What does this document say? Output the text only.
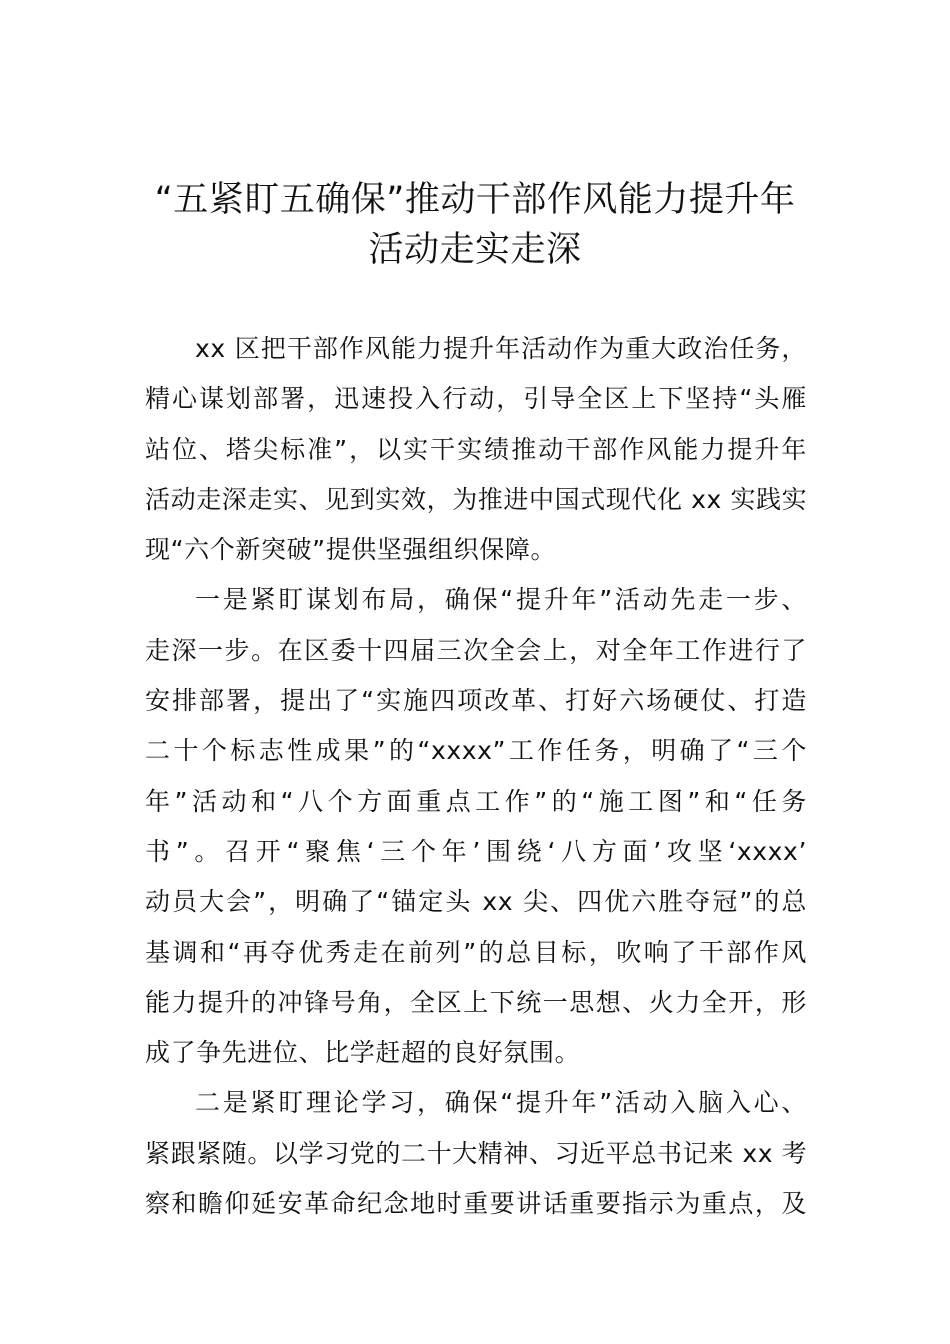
“五紧盯五确保”推动干部作风能力提升年
活动走实走深
xx 区把干部作风能力提升年活动作为重大政治任务，
精心谋划部署，迅速投入行动，引导全区上下坚持“头雁
站位、塔尖标准”，以实干实绩推动干部作风能力提升年
活动走深走实、见到实效，为推进中国式现代化 xx 实践实
现“六个新突破”提供坚强组织保障。
一是紧盯谋划布局，确保“提升年”活动先走一步、
走深一步。在区委十四届三次全会上，对全年工作进行了
安排部署，提出了“实施四项改革、打好六场硬仗、打造
二十个标志性成果”的“xxxx”工作任务，明确了“三个
年”活动和“八个方面重点工作”的“施工图”和“任务
书”。召开“聚焦‘三个年’围绕‘八方面’攻坚‘xxxx’
动员大会”，明确了“锚定头 xx 尖、四优六胜夺冠”的总
基调和“再夺优秀走在前列”的总目标，吹响了干部作风
能力提升的冲锋号角，全区上下统一思想、火力全开，形
成了争先进位、比学赶超的良好氛围。
二是紧盯理论学习，确保“提升年”活动入脑入心、
紧跟紧随。以学习党的二十大精神、习近平总书记来 xx 考
察和瞻仰延安革命纪念地时重要讲话重要指示为重点，及
